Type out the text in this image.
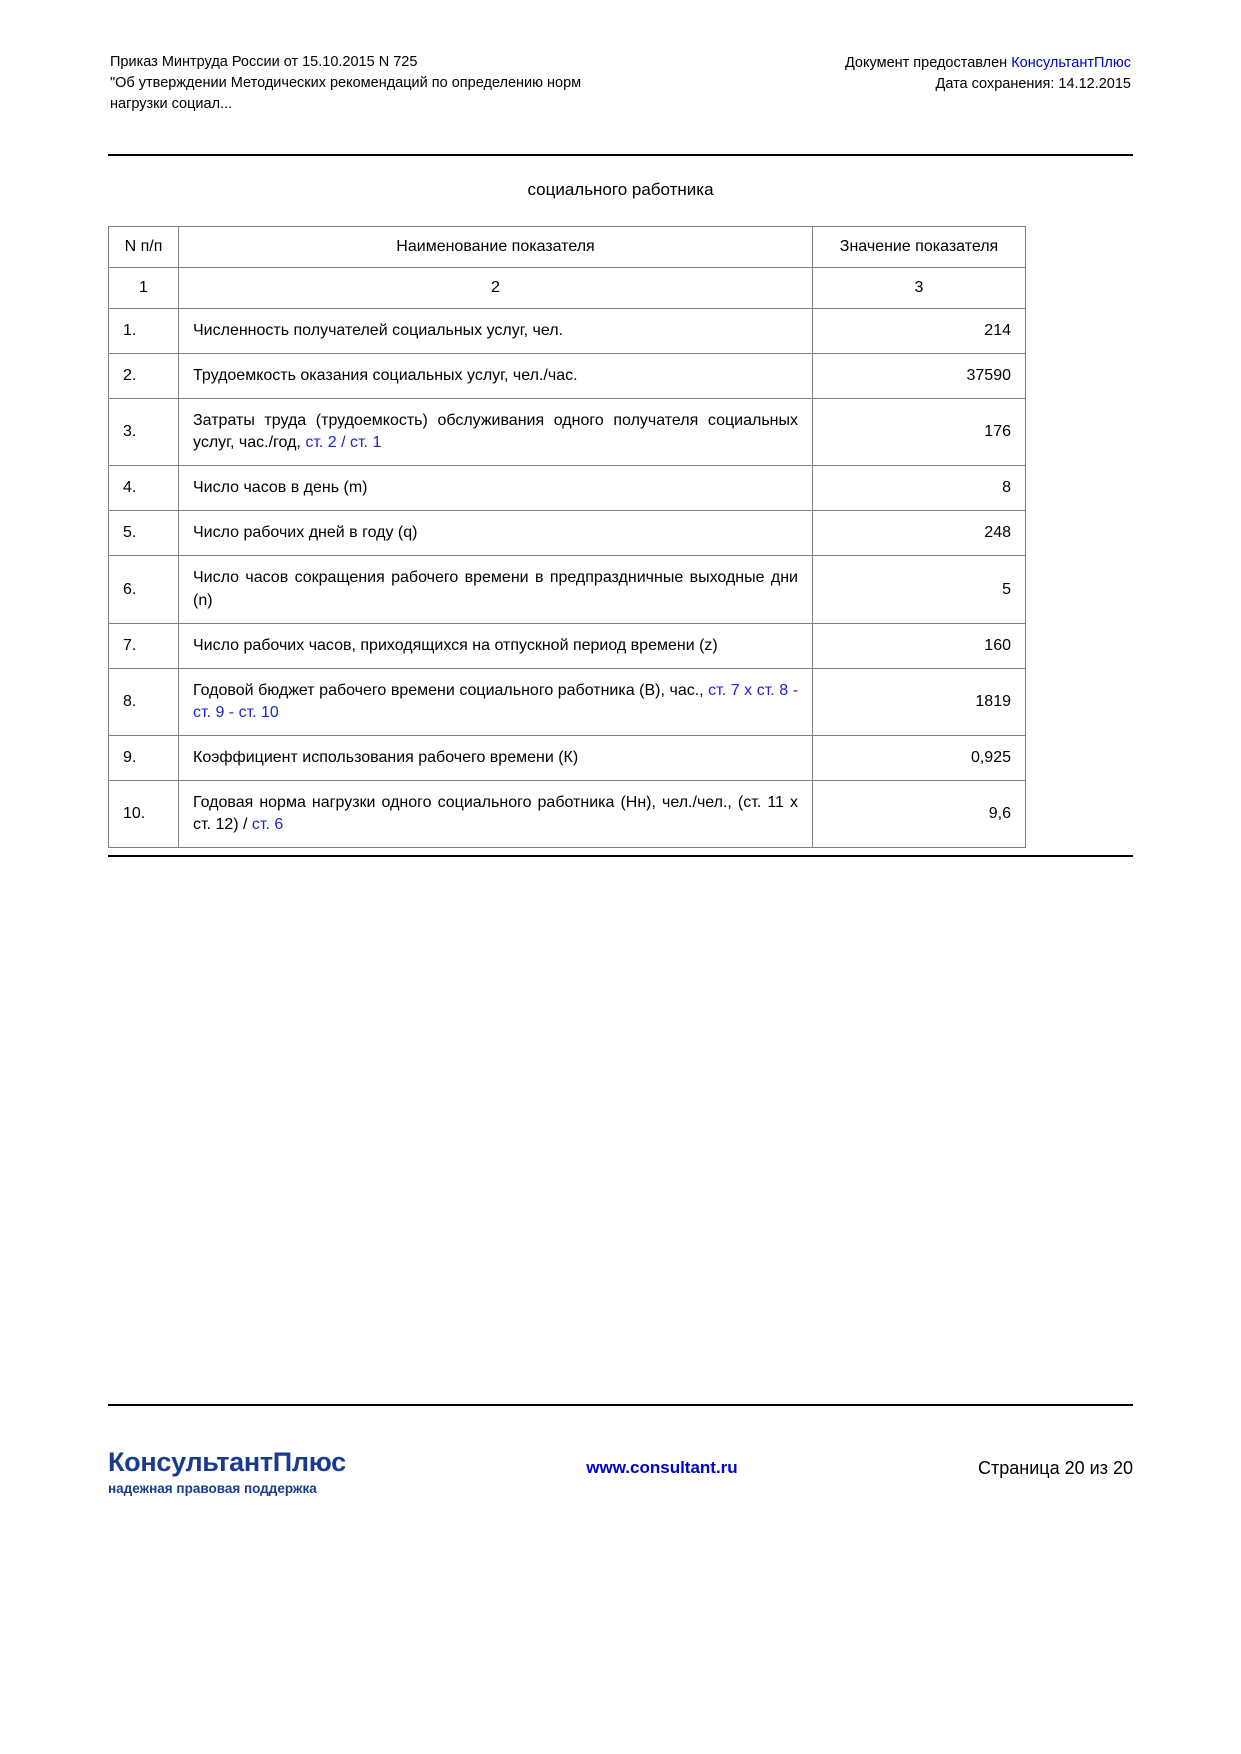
Приказ Минтруда России от 15.10.2015 N 725
"Об утверждении Методических рекомендаций по определению норм
нагрузки социал...
Документ предоставлен КонсультантПлюс
Дата сохранения: 14.12.2015
социального работника
N п/п	Наименование показателя	Значение показателя
1	2	3
1.	Численность получателей социальных услуг, чел.	214
2.	Трудоемкость оказания социальных услуг, чел./час.	37590
3.	Затраты труда (трудоемкость) обслуживания одного получателя социальных услуг, час./год, ст. 2 / ст. 1	176
4.	Число часов в день (m)	8
5.	Число рабочих дней в году (q)	248
6.	Число часов сокращения рабочего времени в предпраздничные выходные дни (n)	5
7.	Число рабочих часов, приходящихся на отпускной период времени (z)	160
8.	Годовой бюджет рабочего времени социального работника (В), час., ст. 7 х ст. 8 - ст. 9 - ст. 10	1819
9.	Коэффициент использования рабочего времени (К)	0,925
10.	Годовая норма нагрузки одного социального работника (Нн), чел./чел., (ст. 11 х ст. 12) / ст. 6	9,6
КонсультантПлюс
надежная правовая поддержка
www.consultant.ru	Страница 20 из 20
